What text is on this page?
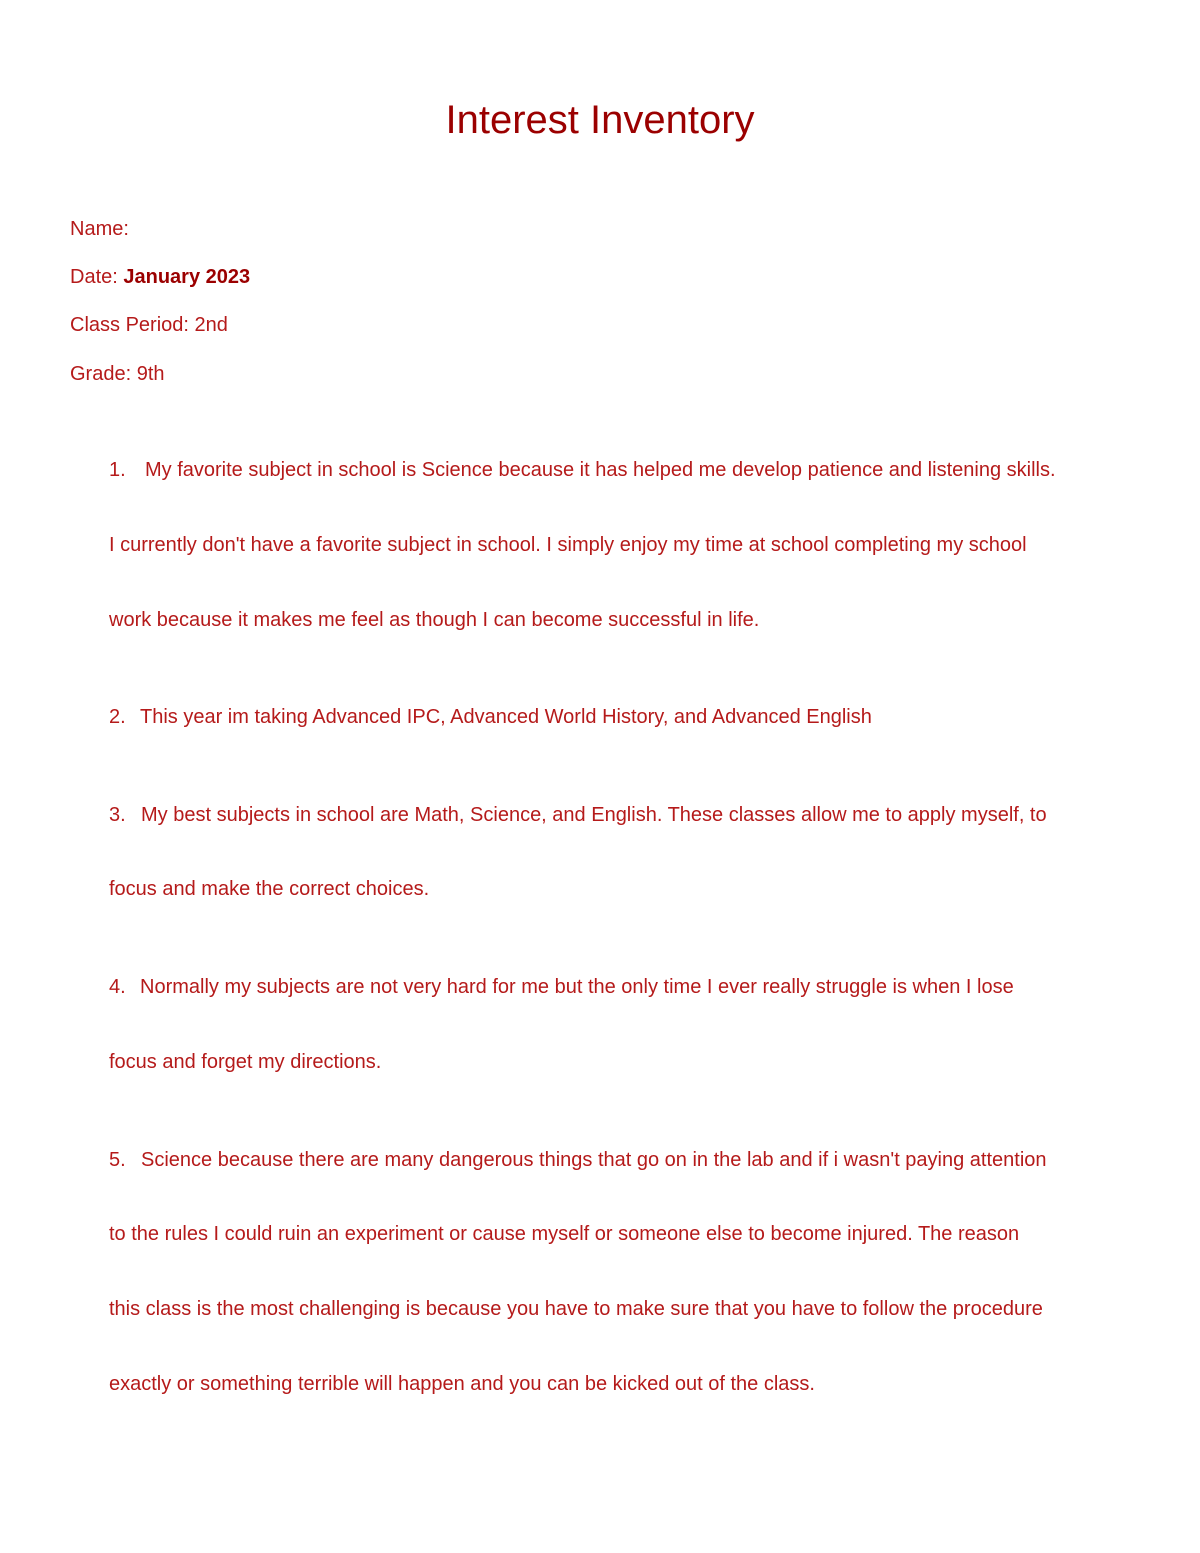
Interest Inventory
Name:
Date: January 2023
Class Period: 2nd
Grade: 9th
1. My favorite subject in school is Science because it has helped me develop patience and listening skills.
I currently don't have a favorite subject in school. I simply enjoy my time at school completing my school
work because it makes me feel as though I can become successful in life.
2. This year im taking Advanced IPC, Advanced World History, and Advanced English
3. My best subjects in school are Math, Science, and English. These classes allow me to apply myself, to
focus and make the correct choices.
4. Normally my subjects are not very hard for me but the only time I ever really struggle is when I lose
focus and forget my directions.
5. Science because there are many dangerous things that go on in the lab and if i wasn't paying attention
to the rules I could ruin an experiment or cause myself or someone else to become injured. The reason
this class is the most challenging is because you have to make sure that you have to follow the procedure
exactly or something terrible will happen and you can be kicked out of the class.
